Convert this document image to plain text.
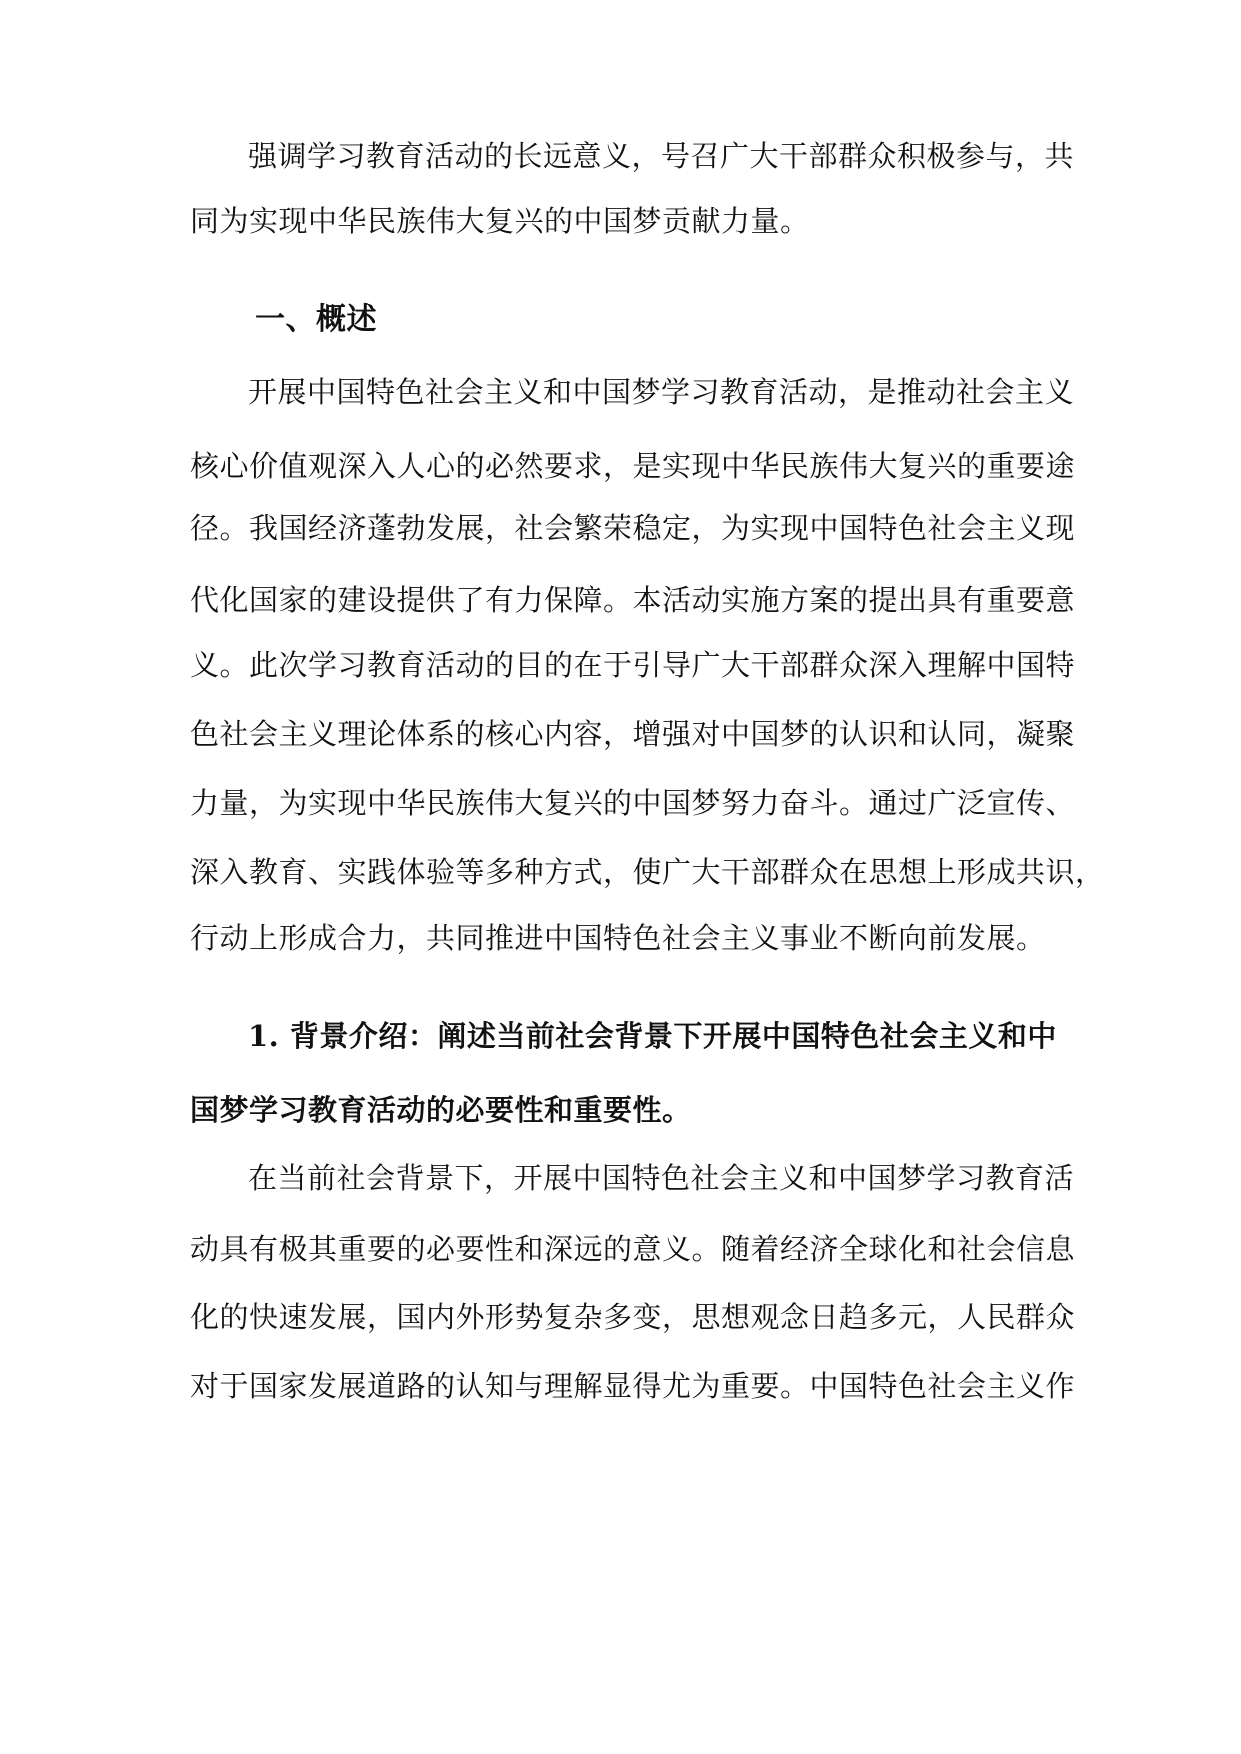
强调学习教育活动的长远意义，号召广大干部群众积极参与，共
同为实现中华民族伟大复兴的中国梦贡献力量。
一、概述
开展中国特色社会主义和中国梦学习教育活动，是推动社会主义
核心价值观深入人心的必然要求，是实现中华民族伟大复兴的重要途
径。我国经济蓬勃发展，社会繁荣稳定，为实现中国特色社会主义现
代化国家的建设提供了有力保障。本活动实施方案的提出具有重要意
义。此次学习教育活动的目的在于引导广大干部群众深入理解中国特
色社会主义理论体系的核心内容，增强对中国梦的认识和认同，凝聚
力量，为实现中华民族伟大复兴的中国梦努力奋斗。通过广泛宣传、
深入教育、实践体验等多种方式，使广大干部群众在思想上形成共识，
行动上形成合力，共同推进中国特色社会主义事业不断向前发展。
1. 背景介绍：阐述当前社会背景下开展中国特色社会主义和中
国梦学习教育活动的必要性和重要性。
在当前社会背景下，开展中国特色社会主义和中国梦学习教育活
动具有极其重要的必要性和深远的意义。随着经济全球化和社会信息
化的快速发展，国内外形势复杂多变，思想观念日趋多元，人民群众
对于国家发展道路的认知与理解显得尤为重要。中国特色社会主义作
